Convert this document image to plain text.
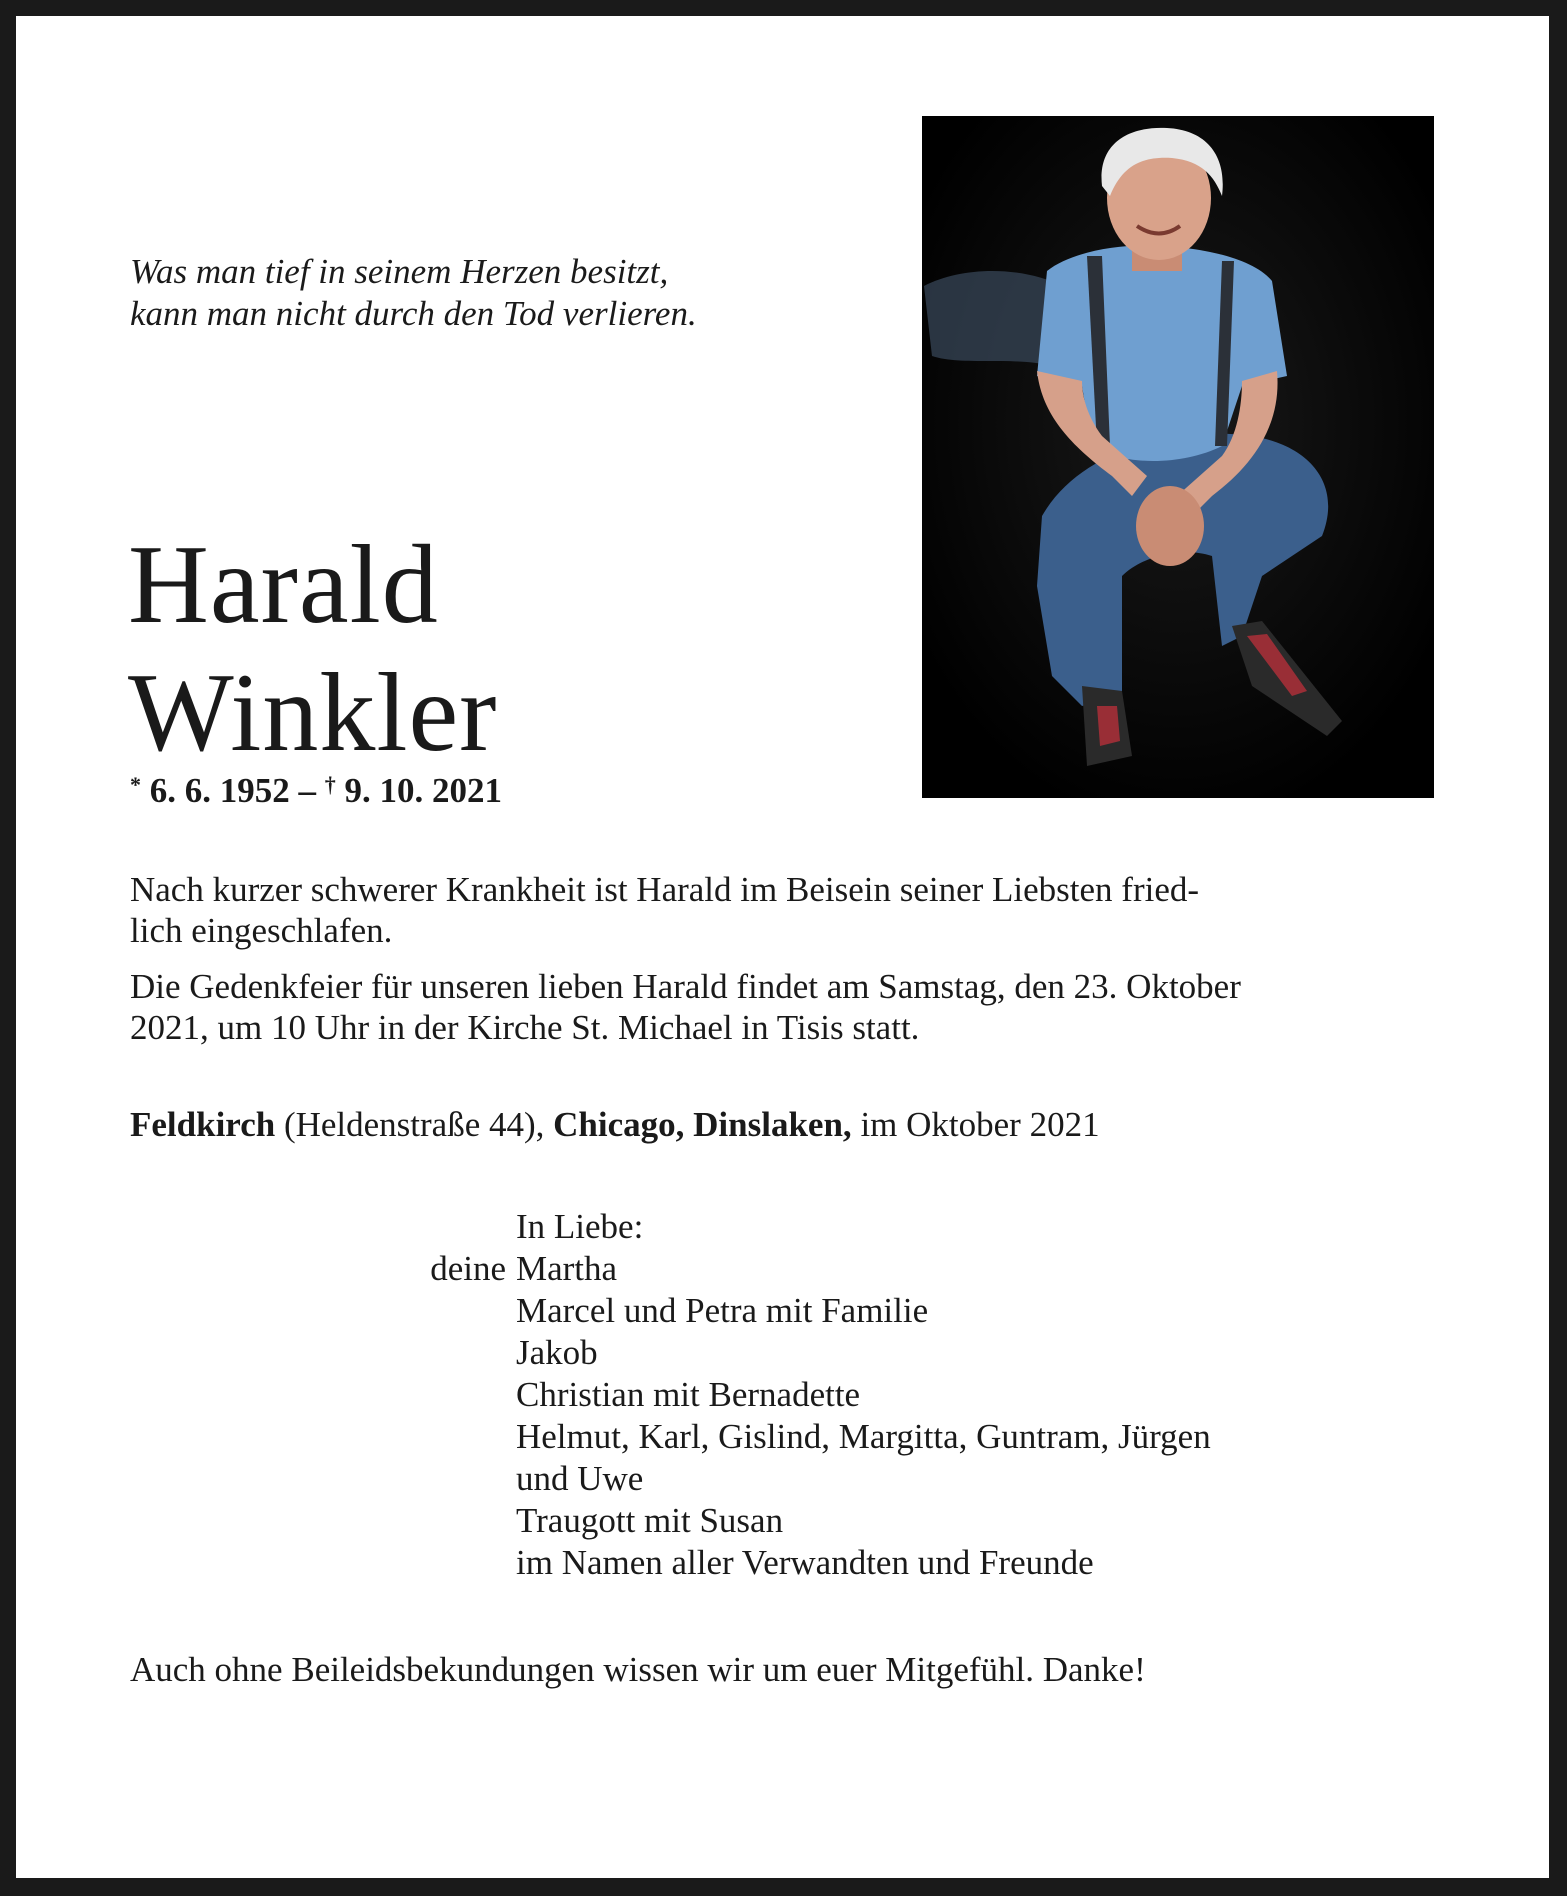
Was man tief in seinem Herzen besitzt,
kann man nicht durch den Tod verlieren.
Harald
Winkler
* 6. 6. 1952 – † 9. 10. 2021
Nach kurzer schwerer Krankheit ist Harald im Beisein seiner Liebsten fried-
lich eingeschlafen.
Die Gedenkfeier für unseren lieben Harald findet am Samstag, den 23. Oktober
2021, um 10 Uhr in der Kirche St. Michael in Tisis statt.
Feldkirch (Heldenstraße 44), Chicago, Dinslaken, im Oktober 2021
In Liebe:
deine Martha
Marcel und Petra mit Familie
Jakob
Christian mit Bernadette
Helmut, Karl, Gislind, Margitta, Guntram, Jürgen
und Uwe
Traugott mit Susan
im Namen aller Verwandten und Freunde
Auch ohne Beileidsbekundungen wissen wir um euer Mitgefühl. Danke!
